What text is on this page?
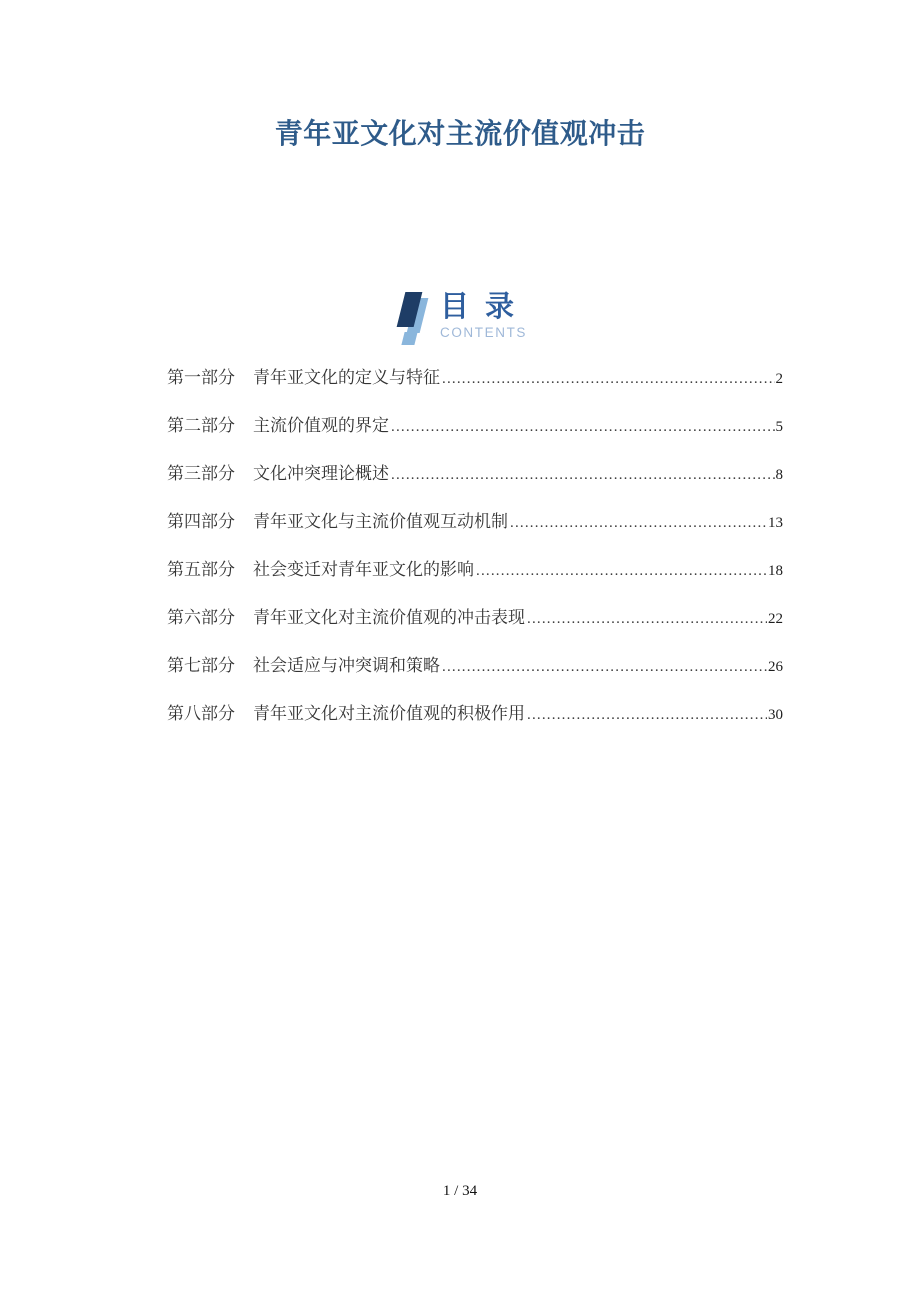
青年亚文化对主流价值观冲击
目 录
CONTENTS
第一部分 青年亚文化的定义与特征 .....	2
第二部分 主流价值观的界定 .....	5
第三部分 文化冲突理论概述 .....	8
第四部分 青年亚文化与主流价值观互动机制 .....	13
第五部分 社会变迁对青年亚文化的影响 .....	18
第六部分 青年亚文化对主流价值观的冲击表现 .....	22
第七部分 社会适应与冲突调和策略 .....	26
第八部分 青年亚文化对主流价值观的积极作用 .....	30
1 / 34
